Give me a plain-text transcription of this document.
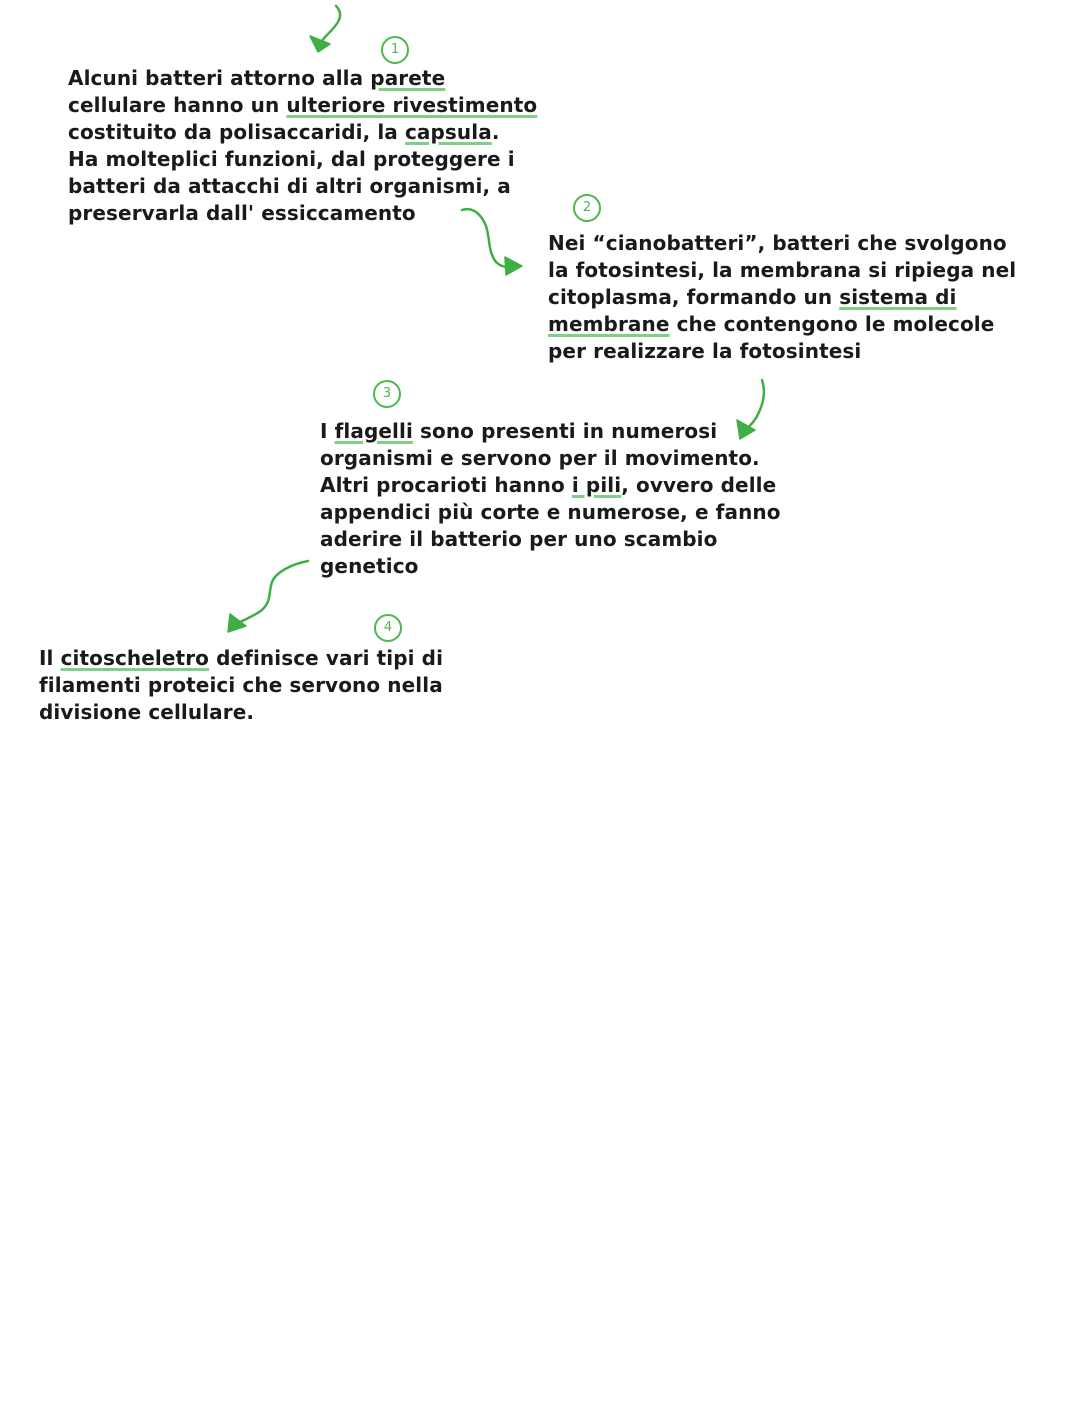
1
Alcuni batteri attorno alla parete
cellulare hanno un ulteriore rivestimento
costituito da polisaccaridi, la capsula.
Ha molteplici funzioni, dal proteggere i
batteri da attacchi di altri organismi, a
preservarla dall' essiccamento	2
Nei “cianobatteri”, batteri che svolgono
la fotosintesi, la membrana si ripiega nel
citoplasma, formando un sistema di
membrane che contengono le molecole
per realizzare la fotosintesi
3
I flagelli sono presenti in numerosi
organismi e servono per il movimento.
Altri procarioti hanno i pili, ovvero delle
appendici più corte e numerose, e fanno
aderire il batterio per uno scambio
genetico
4
Il citoscheletro definisce vari tipi di
filamenti proteici che servono nella
divisione cellulare.
